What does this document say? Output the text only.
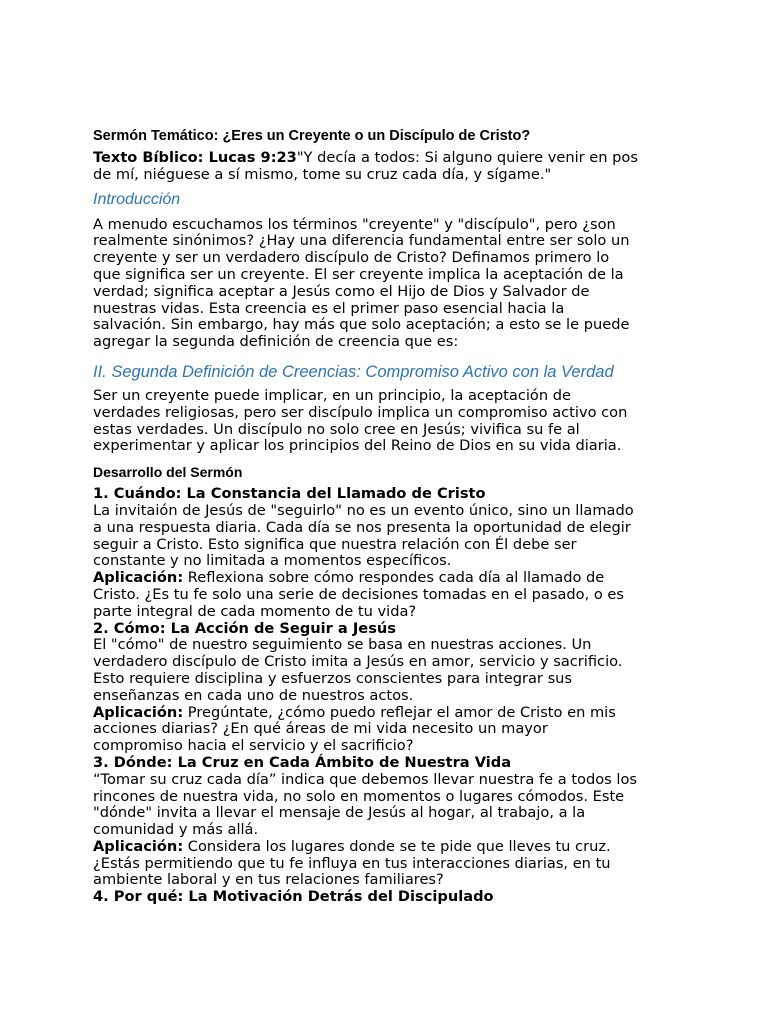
Sermón Temático: ¿Eres un Creyente o un Discípulo de Cristo?

Texto Bíblico: Lucas 9:23"Y decía a todos: Si alguno quiere venir en pos
de mí, niéguese a sí mismo, tome su cruz cada día, y sígame."

Introducción

A menudo escuchamos los términos "creyente" y "discípulo", pero ¿son
realmente sinónimos? ¿Hay una diferencia fundamental entre ser solo un
creyente y ser un verdadero discípulo de Cristo? Definamos primero lo
que significa ser un creyente. El ser creyente implica la aceptación de la
verdad; significa aceptar a Jesús como el Hijo de Dios y Salvador de
nuestras vidas. Esta creencia es el primer paso esencial hacia la
salvación. Sin embargo, hay más que solo aceptación; a esto se le puede
agregar la segunda definición de creencia que es:

II. Segunda Definición de Creencias: Compromiso Activo con la Verdad

Ser un creyente puede implicar, en un principio, la aceptación de
verdades religiosas, pero ser discípulo implica un compromiso activo con
estas verdades. Un discípulo no solo cree en Jesús; vivifica su fe al
experimentar y aplicar los principios del Reino de Dios en su vida diaria.

Desarrollo del Sermón
1. Cuándo: La Constancia del Llamado de Cristo
La invitaión de Jesús de "seguirlo" no es un evento único, sino un llamado
a una respuesta diaria. Cada día se nos presenta la oportunidad de elegir
seguir a Cristo. Esto significa que nuestra relación con Él debe ser
constante y no limitada a momentos específicos.
Aplicación: Reflexiona sobre cómo respondes cada día al llamado de
Cristo. ¿Es tu fe solo una serie de decisiones tomadas en el pasado, o es
parte integral de cada momento de tu vida?
2. Cómo: La Acción de Seguir a Jesús
El "cómo" de nuestro seguimiento se basa en nuestras acciones. Un
verdadero discípulo de Cristo imita a Jesús en amor, servicio y sacrificio.
Esto requiere disciplina y esfuerzos conscientes para integrar sus
enseñanzas en cada uno de nuestros actos.
Aplicación: Pregúntate, ¿cómo puedo reflejar el amor de Cristo en mis
acciones diarias? ¿En qué áreas de mi vida necesito un mayor
compromiso hacia el servicio y el sacrificio?
3. Dónde: La Cruz en Cada Ámbito de Nuestra Vida
“Tomar su cruz cada día” indica que debemos llevar nuestra fe a todos los
rincones de nuestra vida, no solo en momentos o lugares cómodos. Este
"dónde" invita a llevar el mensaje de Jesús al hogar, al trabajo, a la
comunidad y más allá.
Aplicación: Considera los lugares donde se te pide que lleves tu cruz.
¿Estás permitiendo que tu fe influya en tus interacciones diarias, en tu
ambiente laboral y en tus relaciones familiares?
4. Por qué: La Motivación Detrás del Discipulado
